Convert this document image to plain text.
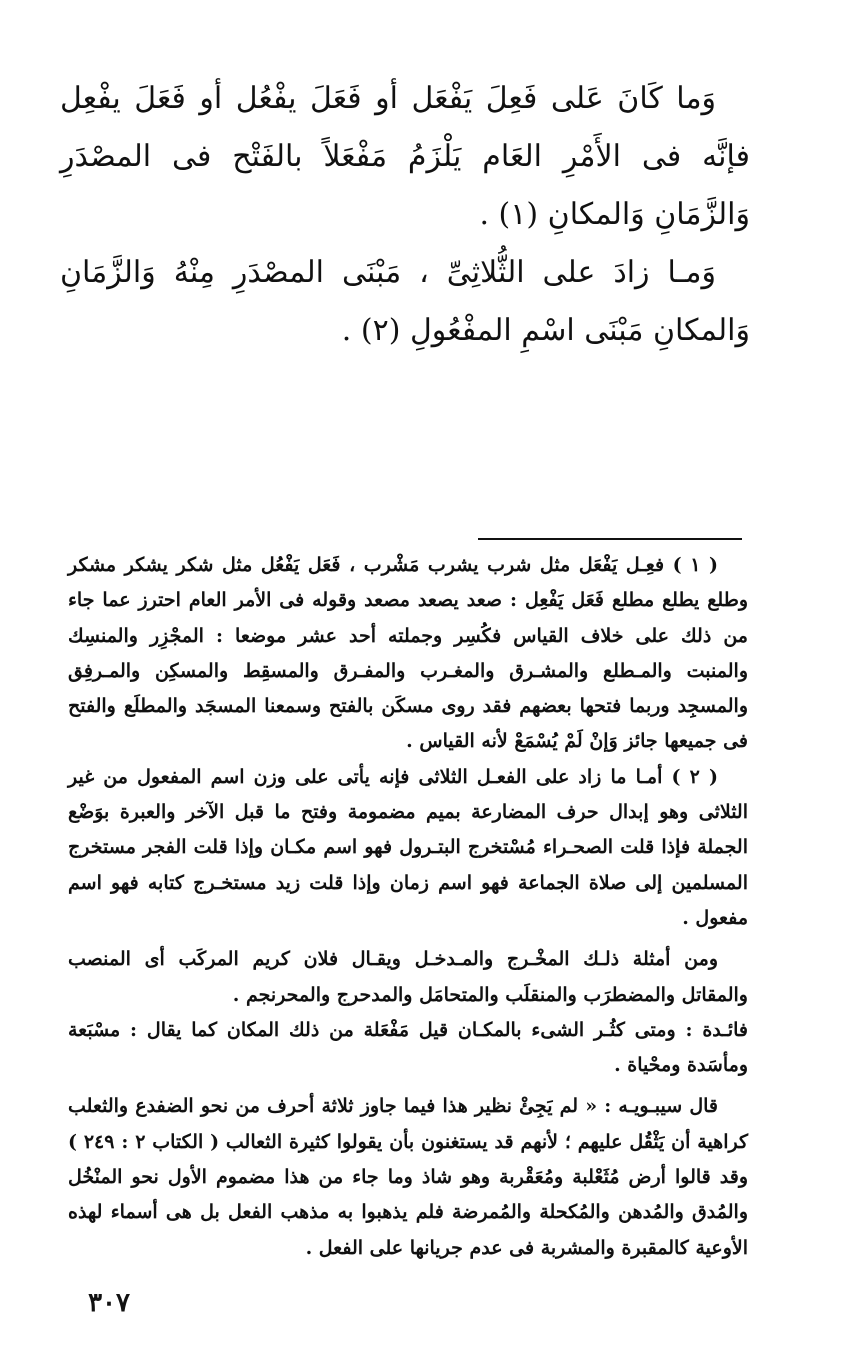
وَما كَانَ عَلى فَعِلَ يَفْعَل أو فَعَلَ يفْعُل أو فَعَلَ يفْعِل فإنَّه فى الأَمْرِ العَام يَلْزَمُ مَفْعَلاً بالفَتْح فى المصْدَرِ وَالزَّمَانِ وَالمكانِ (١) .

وَمـا زادَ على الثُّلاثِىِّ ، مَبْنَى المصْدَرِ مِنْهُ وَالزَّمَانِ وَالمكانِ مَبْنَى اسْمِ المفْعُولِ (٢) .

( ١ ) فعِـل يَفْعَل مثل شرب يشرب مَشْرب ، فَعَل يَفْعُل مثل شكر يشكر مشكر وطلع يطلع مطلع فَعَل يَفْعِل : صعد يصعد مصعد وقوله فى الأمر العام احترز عما جاء من ذلك على خلاف القياس فكُسِر وجملته أحد عشر موضعا : المجْزِر والمنسِك والمنبت والمـطلع والمشـرق والمغـرب والمفـرق والمسقِط والمسكِن والمـرفِق والمسجِد وربما فتحها بعضهم فقد روى مسكَن بالفتح وسمعنا المسجَد والمطلَع والفتح فى جميعها جائز وَإنْ لَمْ يُسْمَعْ لأنه القياس .

( ٢ ) أمـا ما زاد على الفعـل الثلاثى فإنه يأتى على وزن اسم المفعول من غير الثلاثى وهو إبدال حرف المضارعة بميم مضمومة وفتح ما قبل الآخر والعبرة بوَضْع الجملة فإذا قلت الصحـراء مُسْتخرج البتـرول فهو اسم مكـان وإذا قلت الفجر مستخرج المسلمين إلى صلاة الجماعة فهو اسم زمان وإذا قلت زيد مستخـرج كتابه فهو اسم مفعول .

ومن أمثلة ذلـك المخْـرج والمـدخـل ويقـال فلان كريم المركَب أى المنصب والمقاتل والمضطرَب والمنقلَب والمتحامَل والمدحرج والمحرنجم .

فائـدة : ومتى كثُـر الشىء بالمكـان قيل مَفْعَلة من ذلك المكان كما يقال : مسْبَعة ومأسَدة ومحْياة .

قال سيبـويـه : « لم يَجِئْ نظير هذا فيما جاوز ثلاثة أحرف من نحو الضفدع والثعلب كراهية أن يَثْقُل عليهم ؛ لأنهم قد يستغنون بأن يقولوا كثيرة الثعالب ( الكتاب ٢ : ٢٤٩ ) وقد قالوا أرض مُثَعْلبة ومُعَقْربة وهو شاذ وما جاء من هذا مضموم الأول نحو المنْخُل والمُدق والمُدهن والمُكحلة والمُمرضة فلم يذهبوا به مذهب الفعل بل هى أسماء لهذه الأوعية كالمقبرة والمشربة فى عدم جريانها على الفعل .

٣٠٧
